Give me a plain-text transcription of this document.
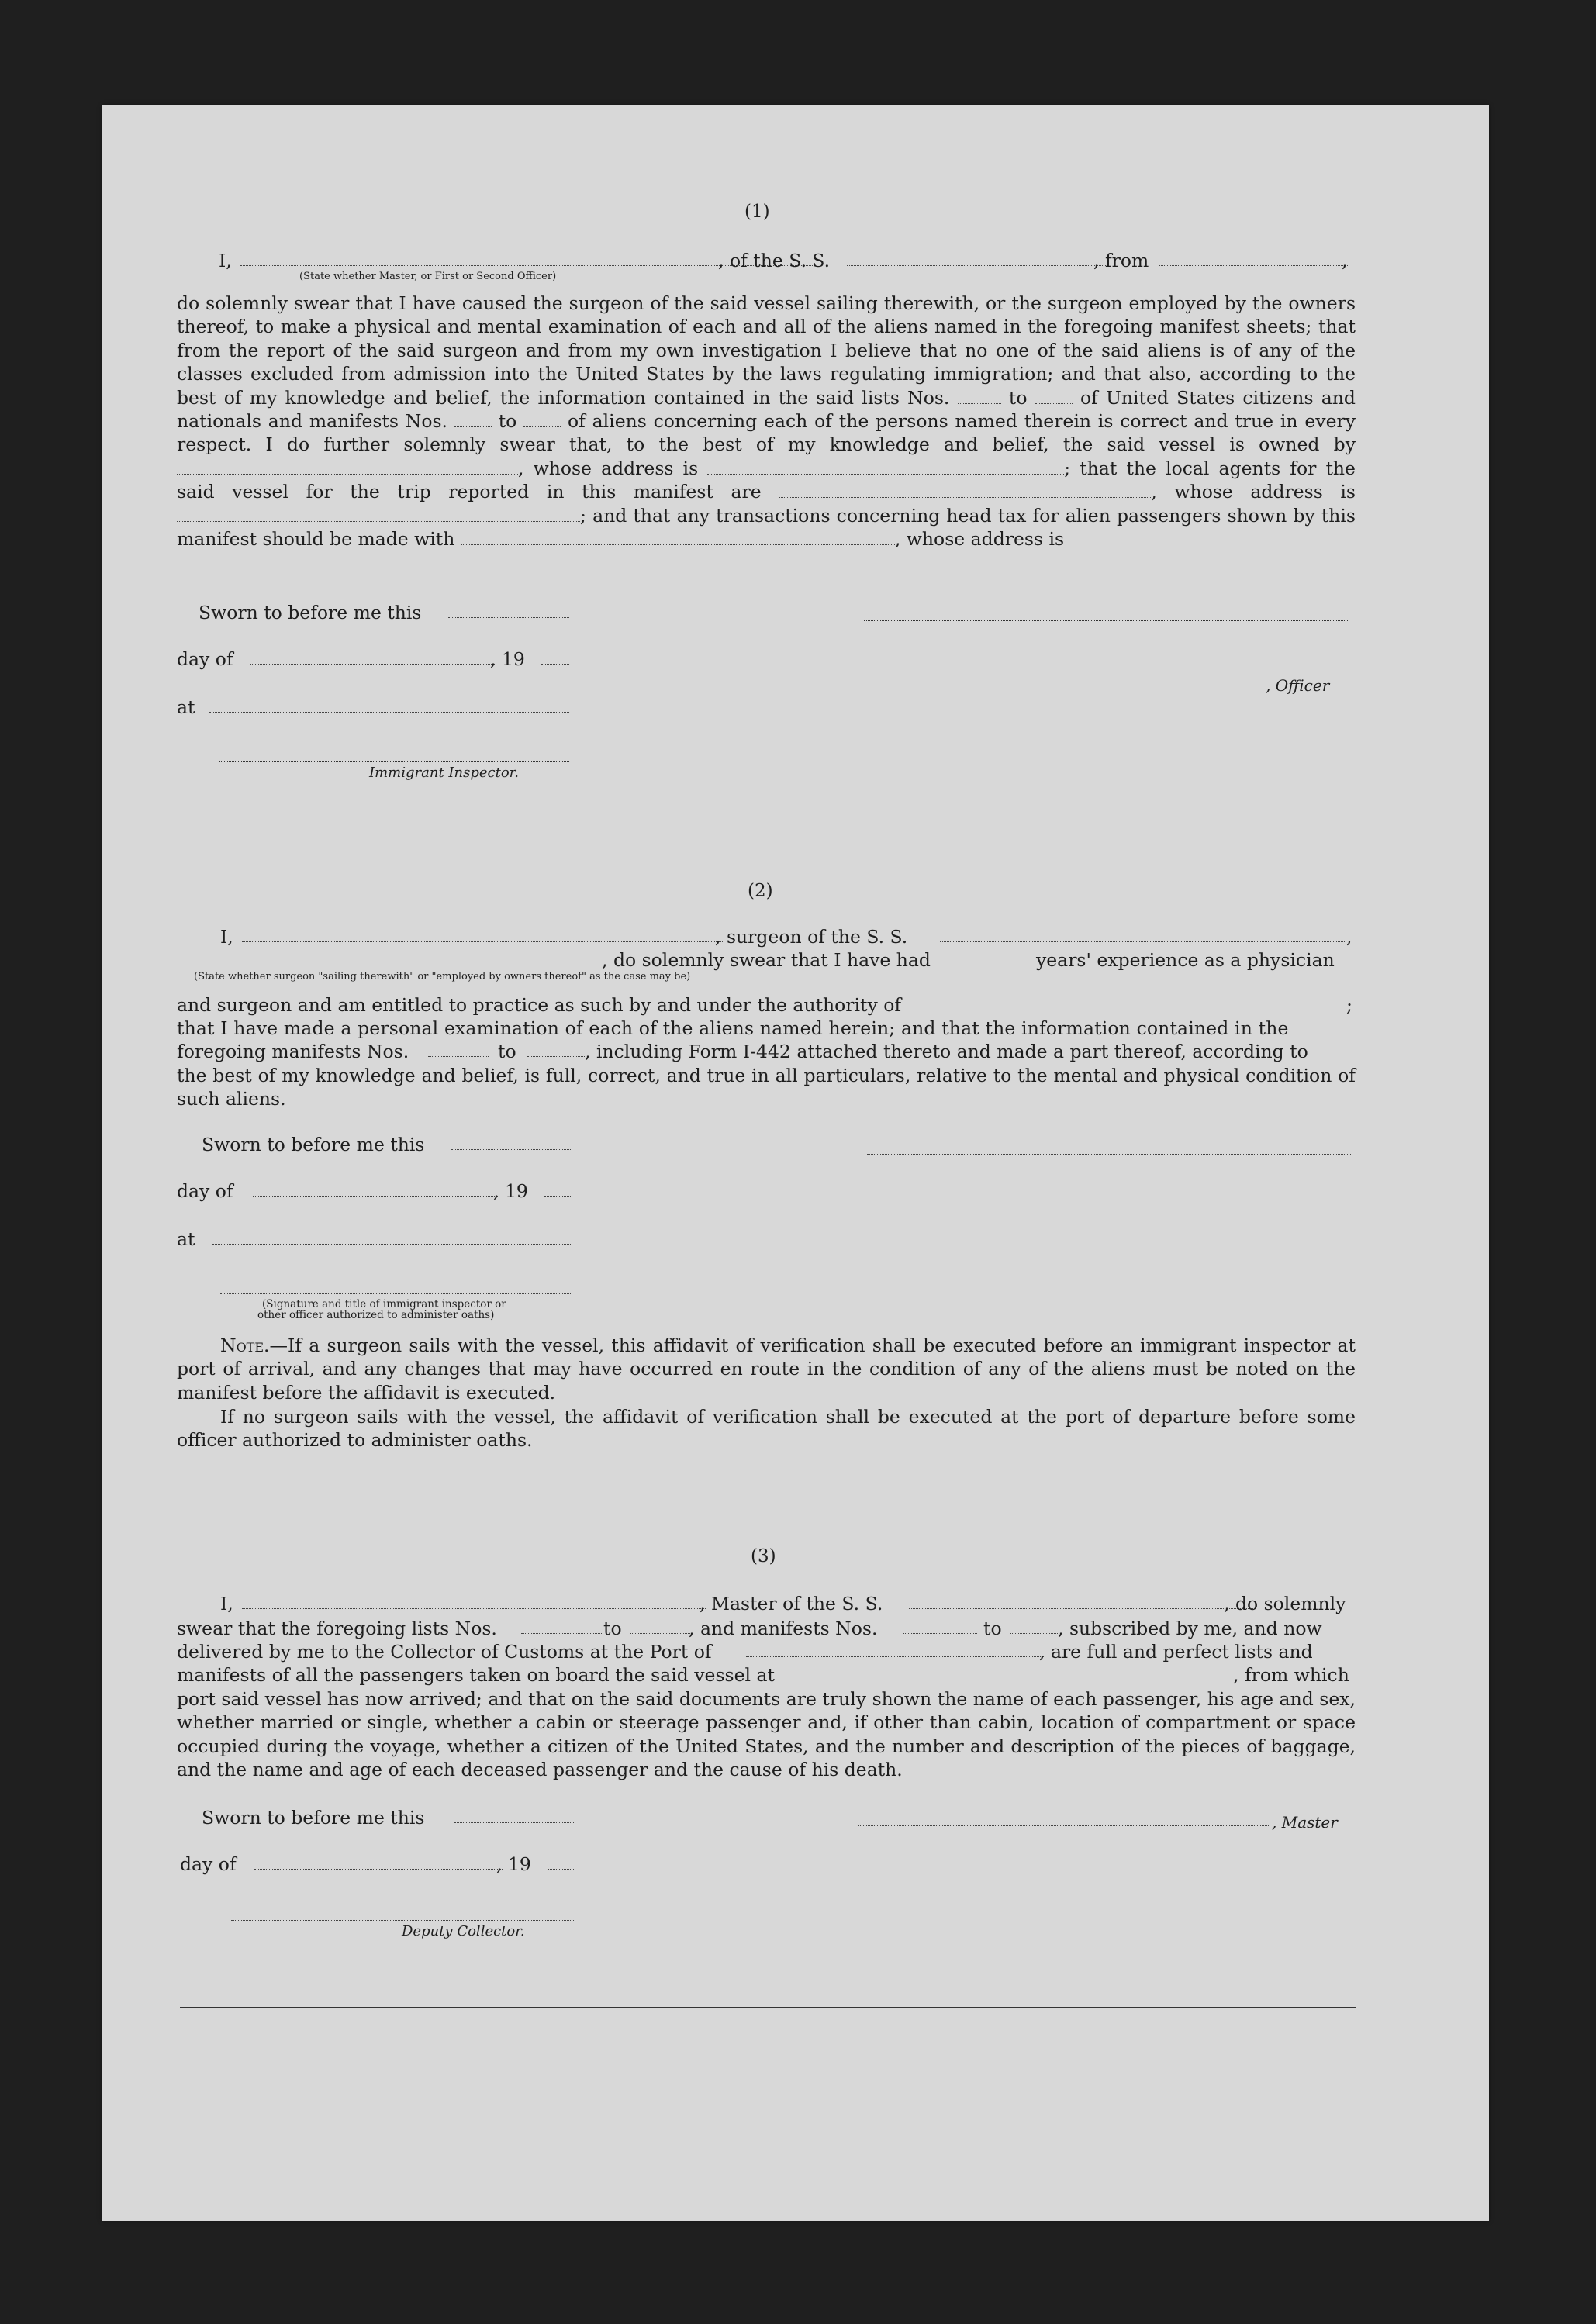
(1)
I,	, of the S. S.	, from	,
(State whether Master, or First or Second Officer)
do solemnly swear that I have caused the surgeon of the said vessel sailing therewith, or the surgeon employed by the owners thereof, to make a physical and mental examination of each and all of the aliens named in the foregoing manifest sheets; that from the report of the said surgeon and from my own investigation I believe that no one of the said aliens is of any of the classes excluded from admission into the United States by the laws regulating immigration; and that also, according to the best of my knowledge and belief, the information contained in the said lists Nos.	to	of United States citizens and nationals and manifests Nos.	to	of aliens concerning each of the persons named therein is correct and true in every respect. I do further solemnly swear that, to the best of my knowledge and belief, the said vessel is owned by , whose address is	; that the local agents for the said vessel for the trip reported in this manifest are	, whose address is ; and that any transactions concerning head tax for alien passengers shown by this manifest should be made with	, whose address is
Sworn to before me this
day of	, 19
, Officer
at
Immigrant Inspector.
(2)
I,	, surgeon of the S. S.	,
, do solemnly swear that I have had	years' experience as a physician
(State whether surgeon "sailing therewith" or "employed by owners thereof" as the case may be)
and surgeon and am entitled to practice as such by and under the authority of	;
that I have made a personal examination of each of the aliens named herein; and that the information contained in the
foregoing manifests Nos.	to	, including Form I-442 attached thereto and made a part thereof, according to
the best of my knowledge and belief, is full, correct, and true in all particulars, relative to the mental and physical condition of such aliens.
Sworn to before me this
day of	, 19
at
(Signature and title of immigrant inspector or
other officer authorized to administer oaths)
Note.—If a surgeon sails with the vessel, this affidavit of verification shall be executed before an immigrant inspector at port of arrival, and any changes that may have occurred en route in the condition of any of the aliens must be noted on the manifest before the affidavit is executed.
If no surgeon sails with the vessel, the affidavit of verification shall be executed at the port of departure before some officer authorized to administer oaths.
(3)
I,	, Master of the S. S.	, do solemnly
swear that the foregoing lists Nos.	to	, and manifests Nos.	to	, subscribed by me, and now
delivered by me to the Collector of Customs at the Port of	, are full and perfect lists and
manifests of all the passengers taken on board the said vessel at	, from which
port said vessel has now arrived; and that on the said documents are truly shown the name of each passenger, his age and sex, whether married or single, whether a cabin or steerage passenger and, if other than cabin, location of compartment or space occupied during the voyage, whether a citizen of the United States, and the number and description of the pieces of baggage, and the name and age of each deceased passenger and the cause of his death.
Sworn to before me this	, Master
day of	, 19
Deputy Collector.
